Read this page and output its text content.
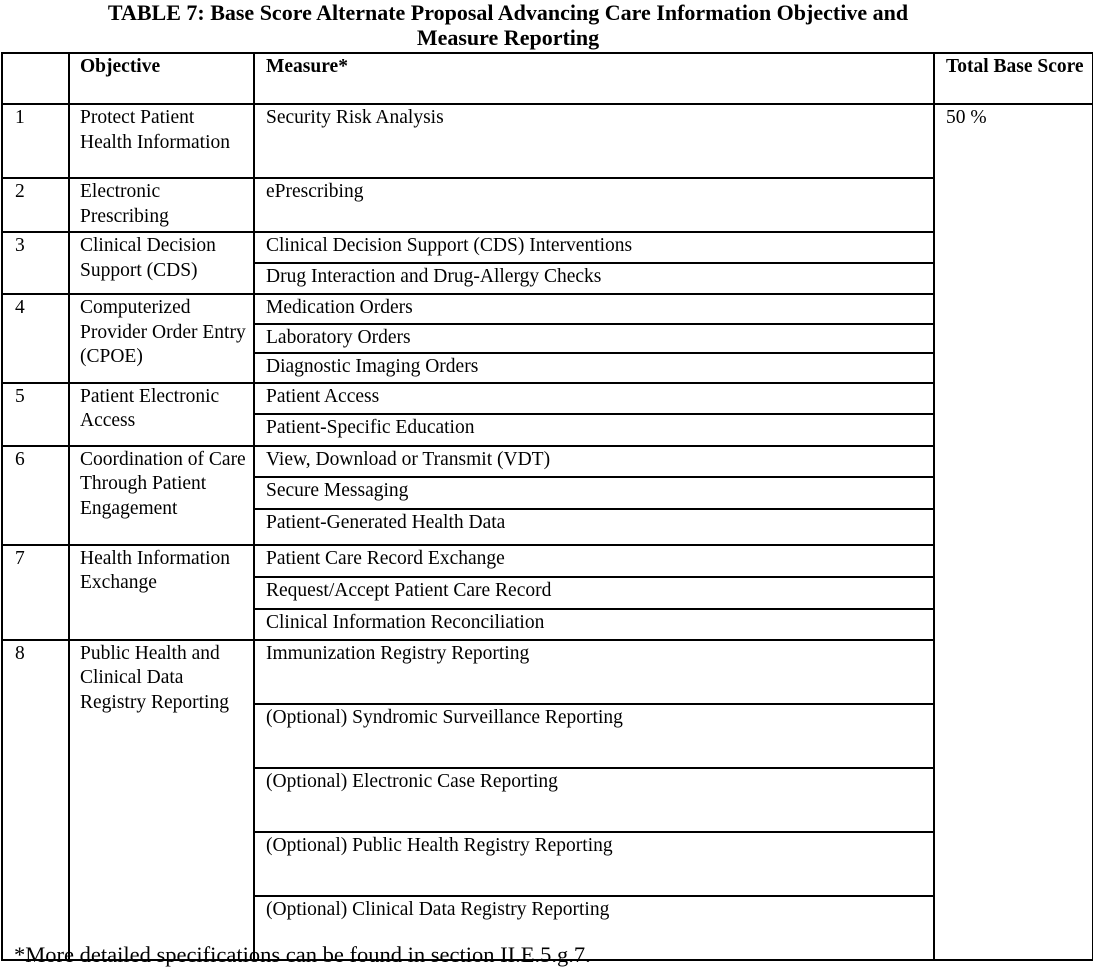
TABLE 7: Base Score Alternate Proposal Advancing Care Information Objective and
Measure Reporting
	Objective	Measure*	Total Base Score
1	Protect Patient Health Information	Security Risk Analysis	50 %
2	Electronic Prescribing	ePrescribing	
3	Clinical Decision Support (CDS)	Clinical Decision Support (CDS) Interventions	
		Drug Interaction and Drug-Allergy Checks	
4	Computerized Provider Order Entry (CPOE)	Medication Orders	
		Laboratory Orders	
		Diagnostic Imaging Orders	
5	Patient Electronic Access	Patient Access	
		Patient-Specific Education	
6	Coordination of Care Through Patient Engagement	View, Download or Transmit (VDT)	
		Secure Messaging	
		Patient-Generated Health Data	
7	Health Information Exchange	Patient Care Record Exchange	
		Request/Accept Patient Care Record	
		Clinical Information Reconciliation	
8	Public Health and Clinical Data Registry Reporting	Immunization Registry Reporting	
		(Optional) Syndromic Surveillance Reporting	
		(Optional) Electronic Case Reporting	
		(Optional) Public Health Registry Reporting	
		(Optional) Clinical Data Registry Reporting	
*More detailed specifications can be found in section II.E.5.g.7.
